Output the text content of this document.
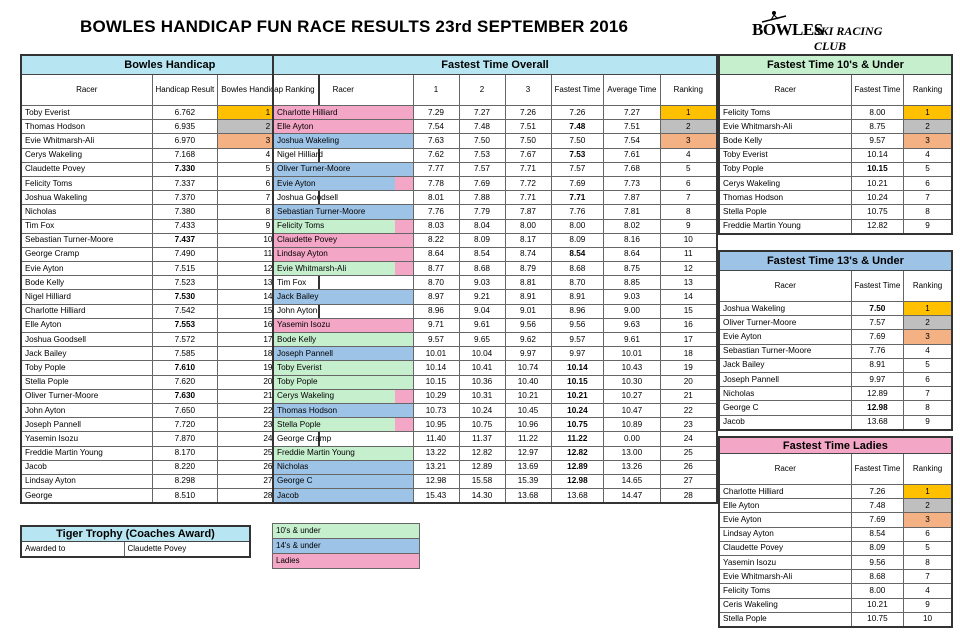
BOWLES HANDICAP FUN RACE RESULTS 23rd SEPTEMBER 2016	BOWLES
SKI RACING CLUB
Bowles Handicap		
Racer	Handicap Result	Bowles Handicap Ranking
Toby Everist	6.762	1
Thomas Hodson	6.935	2
Evie Whitmarsh-Ali	6.970	3
Cerys Wakeling	7.168	4
Claudette Povey	7.330	5
Felicity Toms	7.337	6
Joshua Wakeling	7.370	7
Nicholas	7.380	8
Tim Fox	7.433	9
Sebastian Turner-Moore	7.437	10
George Cramp	7.490	11
Evie Ayton	7.515	12
Bode Kelly	7.523	13
Nigel Hilliard	7.530	14
Charlotte Hilliard	7.542	15
Elle Ayton	7.553	16
Joshua Goodsell	7.572	17
Jack Bailey	7.585	18
Toby Pople	7.610	19
Stella Pople	7.620	20
Oliver Turner-Moore	7.630	21
John Ayton	7.650	22
Joseph Pannell	7.720	23
Yasemin Isozu	7.870	24
Freddie Martin Young	8.170	25
Jacob	8.220	26
Lindsay Ayton	8.298	27
George	8.510	28
Tiger Trophy (Coaches Award)
Awarded to	Claudette Povey
Fastest Time Overall						
Racer	1	2	3	Fastest Time	Average Time	Ranking
Charlotte Hilliard	7.29	7.27	7.26	7.26	7.27	1
Elle Ayton	7.54	7.48	7.51	7.48	7.51	2
Joshua Wakeling	7.63	7.50	7.50	7.50	7.54	3
Nigel Hilliard	7.62	7.53	7.67	7.53	7.61	4
Oliver Turner-Moore	7.77	7.57	7.71	7.57	7.68	5
Evie Ayton	7.78	7.69	7.72	7.69	7.73	6
Joshua Goodsell	8.01	7.88	7.71	7.71	7.87	7
Sebastian Turner-Moore	7.76	7.79	7.87	7.76	7.81	8
Felicity Toms	8.03	8.04	8.00	8.00	8.02	9
Claudette Povey	8.22	8.09	8.17	8.09	8.16	10
Lindsay Ayton	8.64	8.54	8.74	8.54	8.64	11
Evie Whitmarsh-Ali	8.77	8.68	8.79	8.68	8.75	12
Tim Fox	8.70	9.03	8.81	8.70	8.85	13
Jack Bailey	8.97	9.21	8.91	8.91	9.03	14
John Ayton	8.96	9.04	9.01	8.96	9.00	15
Yasemin Isozu	9.71	9.61	9.56	9.56	9.63	16
Bode Kelly	9.57	9.65	9.62	9.57	9.61	17
Joseph Pannell	10.01	10.04	9.97	9.97	10.01	18
Toby Everist	10.14	10.41	10.74	10.14	10.43	19
Toby Pople	10.15	10.36	10.40	10.15	10.30	20
Cerys Wakeling	10.29	10.31	10.21	10.21	10.27	21
Thomas Hodson	10.73	10.24	10.45	10.24	10.47	22
Stella Pople	10.95	10.75	10.96	10.75	10.89	23
George Cramp	11.40	11.37	11.22	11.22	0.00	24
Freddie Martin Young	13.22	12.82	12.97	12.82	13.00	25
Nicholas	13.21	12.89	13.69	12.89	13.26	26
George C	12.98	15.58	15.39	12.98	14.65	27
Jacob	15.43	14.30	13.68	13.68	14.47	28
10's & under
14's & under
Ladies
Fastest Time 10's & Under		
Racer	Fastest Time	Ranking
Felicity Toms	8.00	1
Evie Whitmarsh-Ali	8.75	2
Bode Kelly	9.57	3
Toby Everist	10.14	4
Toby Pople	10.15	5
Cerys Wakeling	10.21	6
Thomas Hodson	10.24	7
Stella Pople	10.75	8
Freddie Martin Young	12.82	9
Fastest Time 13's & Under		
Racer	Fastest Time	Ranking
Joshua Wakeling	7.50	1
Oliver Turner-Moore	7.57	2
Evie Ayton	7.69	3
Sebastian Turner-Moore	7.76	4
Jack Bailey	8.91	5
Joseph Pannell	9.97	6
Nicholas	12.89	7
George C	12.98	8
Jacob	13.68	9
Fastest Time Ladies		
Racer	Fastest Time	Ranking
Charlotte Hilliard	7.26	1
Elle Ayton	7.48	2
Evie Ayton	7.69	3
Lindsay Ayton	8.54	6
Claudette Povey	8.09	5
Yasemin Isozu	9.56	8
Evie Whitmarsh-Ali	8.68	7
Felicity Toms	8.00	4
Ceris Wakeling	10.21	9
Stella Pople	10.75	10
